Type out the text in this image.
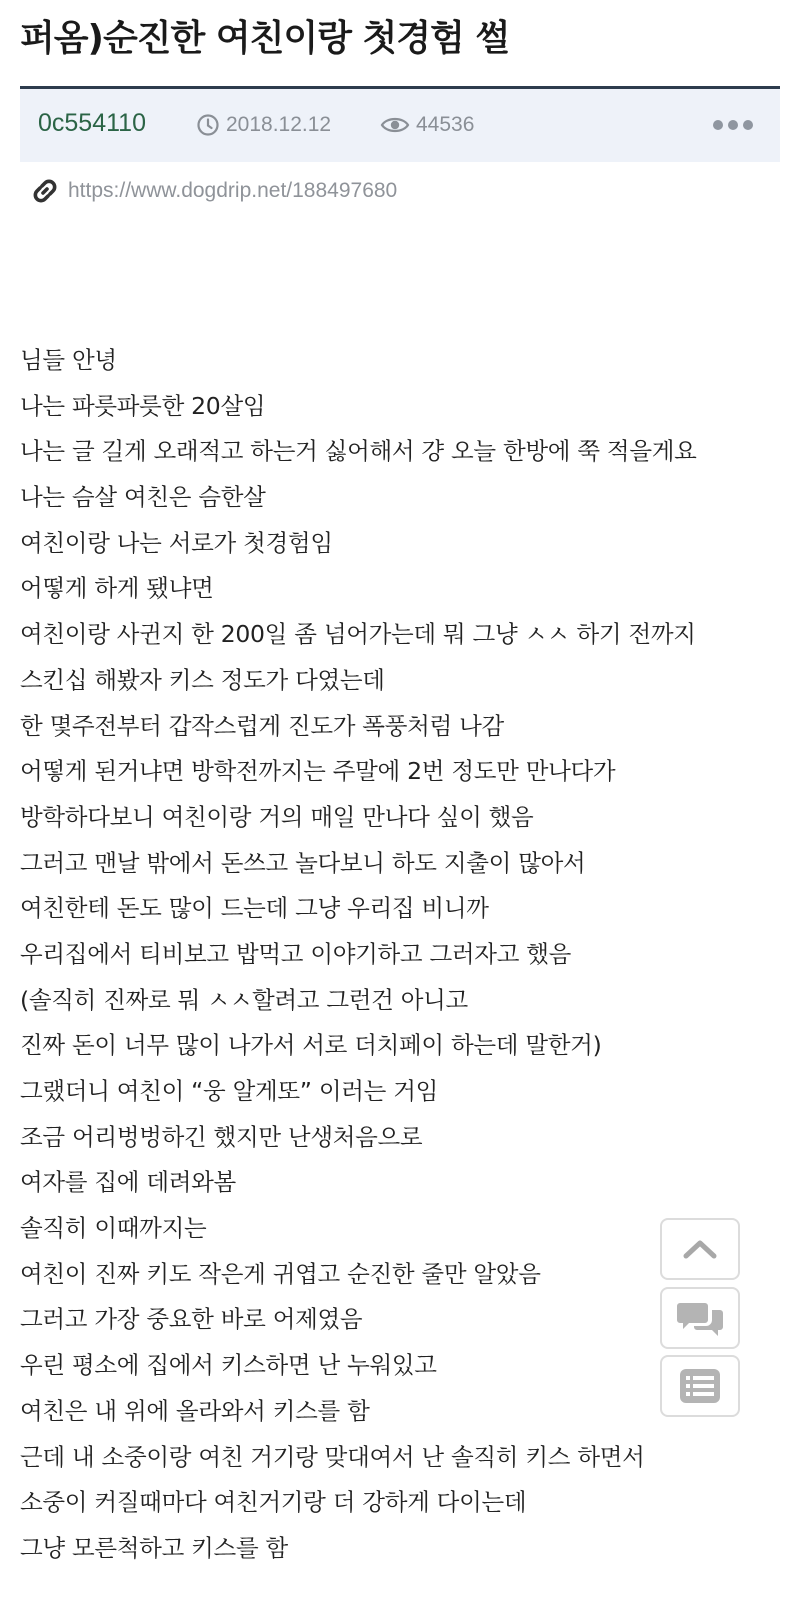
퍼옴)순진한 여친이랑 첫경험 썰
0c554110	2018.12.12	44536
https://www.dogdrip.net/188497680
님들 안녕
나는 파릇파릇한 20살임
나는 글 길게 오래적고 하는거 싫어해서 걍 오늘 한방에 쭉 적을게요
나는 슴살 여친은 슴한살
여친이랑 나는 서로가 첫경험임
어떻게 하게 됐냐면
여친이랑 사귄지 한 200일 좀 넘어가는데 뭐 그냥 ㅅㅅ 하기 전까지
스킨십 해봤자 키스 정도가 다였는데
한 몇주전부터 갑작스럽게 진도가 폭풍처럼 나감
어떻게 된거냐면 방학전까지는 주말에 2번 정도만 만나다가
방학하다보니 여친이랑 거의 매일 만나다 싶이 했음
그러고 맨날 밖에서 돈쓰고 놀다보니 하도 지출이 많아서
여친한테 돈도 많이 드는데 그냥 우리집 비니까
우리집에서 티비보고 밥먹고 이야기하고 그러자고 했음
(솔직히 진짜로 뭐 ㅅㅅ할려고 그런건 아니고
진짜 돈이 너무 많이 나가서 서로 더치페이 하는데 말한거)
그랬더니 여친이 “웅 알게또” 이러는 거임
조금 어리벙벙하긴 했지만 난생처음으로
여자를 집에 데려와봄
솔직히 이때까지는
여친이 진짜 키도 작은게 귀엽고 순진한 줄만 알았음
그러고 가장 중요한 바로 어제였음
우린 평소에 집에서 키스하면 난 누워있고
여친은 내 위에 올라와서 키스를 함
근데 내 소중이랑 여친 거기랑 맞대여서 난 솔직히 키스 하면서
소중이 커질때마다 여친거기랑 더 강하게 다이는데
그냥 모른척하고 키스를 함
